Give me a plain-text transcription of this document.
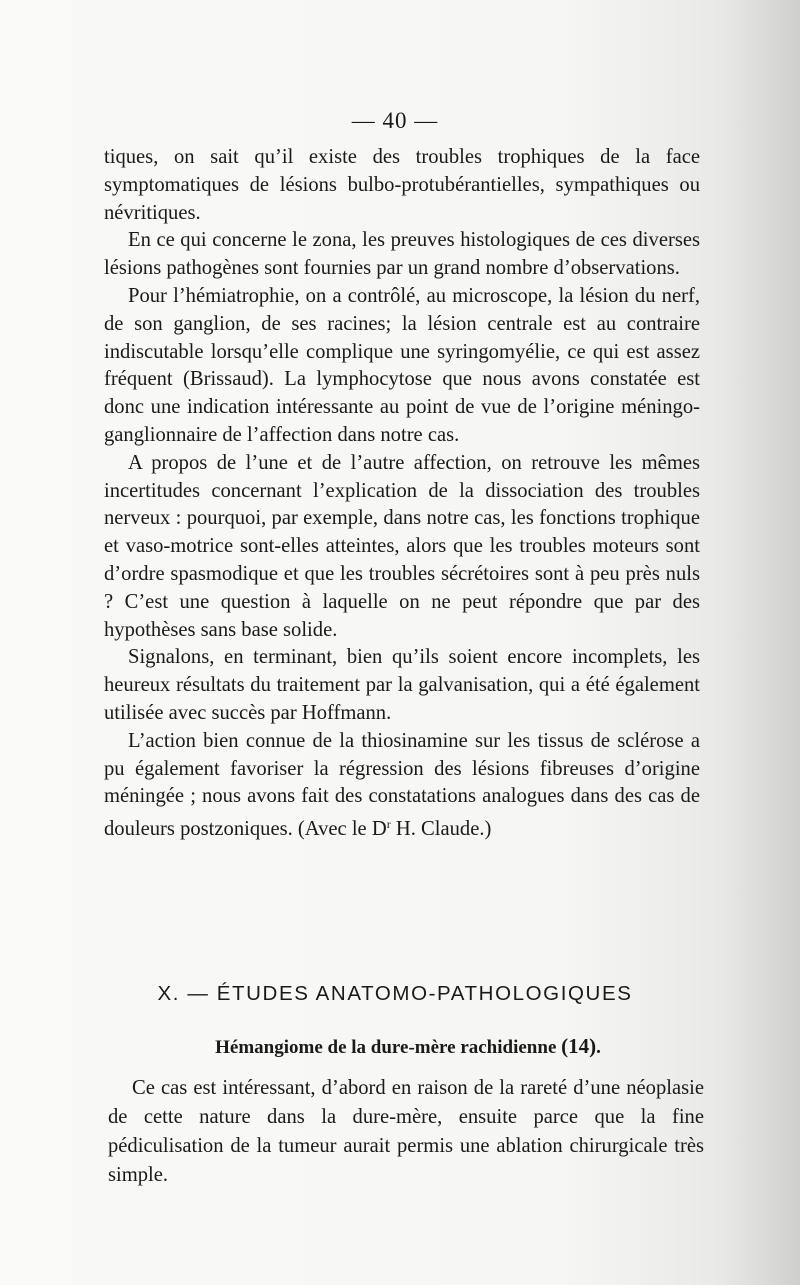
— 40 —

tiques, on sait qu’il existe des troubles trophiques de la face symptomatiques de lésions bulbo-protubérantielles, sympathiques ou névritiques.

En ce qui concerne le zona, les preuves histologiques de ces diverses lésions pathogènes sont fournies par un grand nombre d’observations.

Pour l’hémiatrophie, on a contrôlé, au microscope, la lésion du nerf, de son ganglion, de ses racines; la lésion centrale est au contraire indiscutable lorsqu’elle complique une syringomyélie, ce qui est assez fréquent (Brissaud). La lymphocytose que nous avons constatée est donc une indication intéressante au point de vue de l’origine méningo-ganglionnaire de l’affection dans notre cas.

A propos de l’une et de l’autre affection, on retrouve les mêmes incertitudes concernant l’explication de la dissociation des troubles nerveux : pourquoi, par exemple, dans notre cas, les fonctions trophique et vaso-motrice sont-elles atteintes, alors que les troubles moteurs sont d’ordre spasmodique et que les troubles sécrétoires sont à peu près nuls ? C’est une question à laquelle on ne peut répondre que par des hypothèses sans base solide.

Signalons, en terminant, bien qu’ils soient encore incomplets, les heureux résultats du traitement par la galvanisation, qui a été également utilisée avec succès par Hoffmann.

L’action bien connue de la thiosinamine sur les tissus de sclérose a pu également favoriser la régression des lésions fibreuses d’origine méningée ; nous avons fait des constatations analogues dans des cas de douleurs postzoniques. (Avec le $D^r$ H. Claude.)

X. — ÉTUDES ANATOMO-PATHOLOGIQUES
Hémangiome de la dure-mère rachidienne (14).

Ce cas est intéressant, d’abord en raison de la rareté d’une néoplasie de cette nature dans la dure-mère, ensuite parce que la fine pédiculisation de la tumeur aurait permis une ablation chirurgicale très simple.
